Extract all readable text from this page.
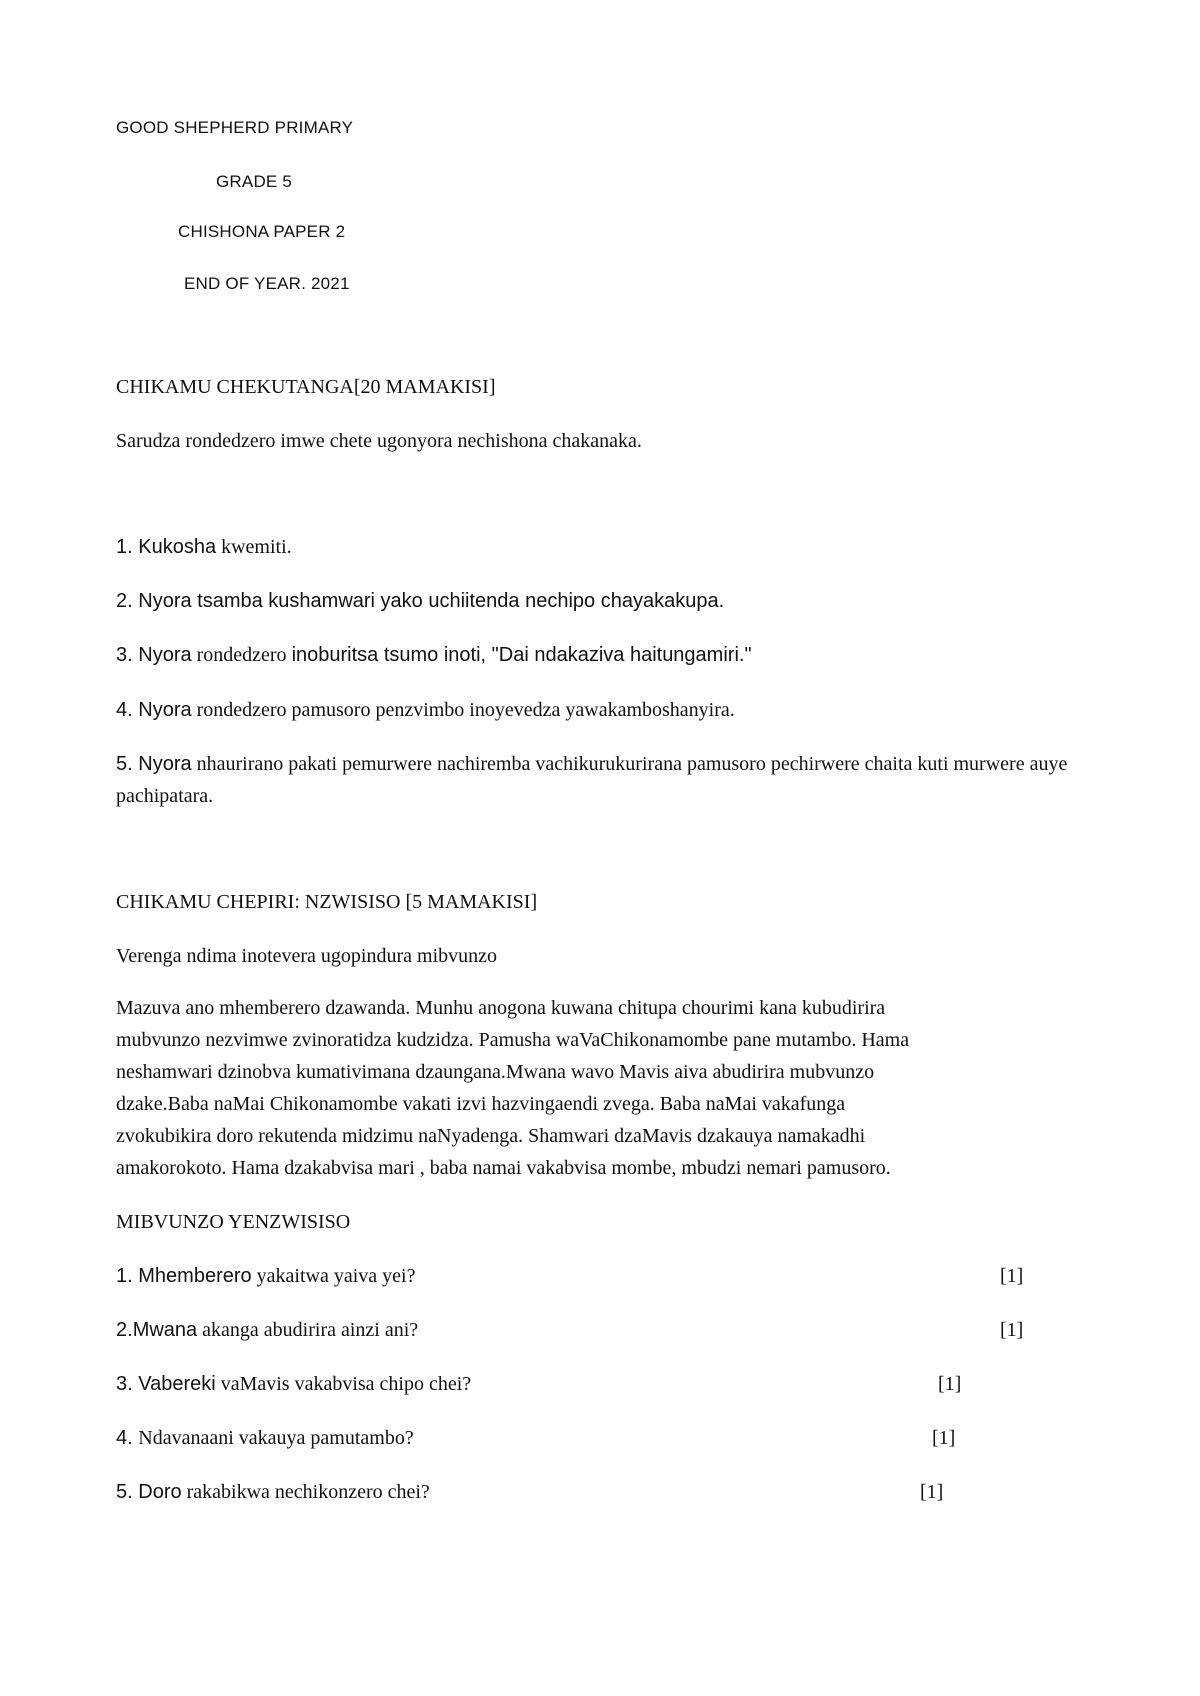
GOOD SHEPHERD PRIMARY
GRADE 5
CHISHONA PAPER 2
END OF YEAR. 2021
CHIKAMU CHEKUTANGA[20 MAMAKISI]
Sarudza rondedzero imwe chete ugonyora nechishona chakanaka.
1. Kukosha kwemiti.
2. Nyora tsamba kushamwari yako uchiitenda nechipo chayakakupa.
3. Nyora rondedzero inoburitsa tsumo inoti, "Dai ndakaziva haitungamiri."
4. Nyora rondedzero pamusoro penzvimbo inoyevedza yawakamboshanyira.
5. Nyora nhaurirano pakati pemurwere nachiremba vachikurukurirana pamusoro pechirwere chaita kuti murwere auye pachipatara.
CHIKAMU CHEPIRI: NZWISISO [5 MAMAKISI]
Verenga ndima inotevera ugopindura mibvunzo
Mazuva ano mhemberero dzawanda. Munhu anogona kuwana chitupa chourimi kana kubudirira
mubvunzo nezvimwe zvinoratidza kudzidza. Pamusha waVaChikonamombe pane mutambo. Hama
neshamwari dzinobva kumativimana dzaungana.Mwana wavo Mavis aiva abudirira mubvunzo
dzake.Baba naMai Chikonamombe vakati izvi hazvingaendi zvega. Baba naMai vakafunga
zvokubikira doro rekutenda midzimu naNyadenga. Shamwari dzaMavis dzakauya namakadhi
amakorokoto. Hama dzakabvisa mari , baba namai vakabvisa mombe, mbudzi nemari pamusoro.
MIBVUNZO YENZWISISO
1. Mhemberero yakaitwa yaiva yei?	[1]
2.Mwana akanga abudirira ainzi ani?	[1]
3. Vabereki vaMavis vakabvisa chipo chei?	[1]
4. Ndavanaani vakauya pamutambo?	[1]
5. Doro rakabikwa nechikonzero chei?	[1]
